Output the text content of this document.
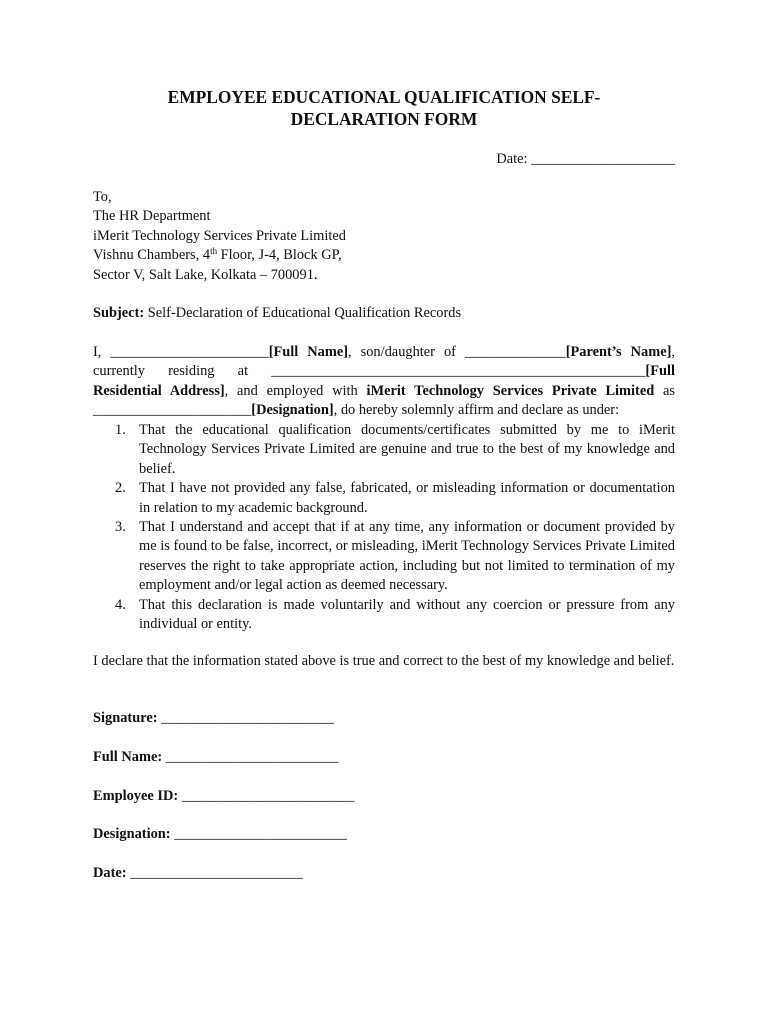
EMPLOYEE EDUCATIONAL QUALIFICATION SELF-
DECLARATION FORM
Date: ____________________
To,
The HR Department
iMerit Technology Services Private Limited
Vishnu Chambers, 4th Floor, J-4, Block GP,
Sector V, Salt Lake, Kolkata – 700091.
Subject: Self-Declaration of Educational Qualification Records
I, ______________________[Full Name], son/daughter of ______________[Parent’s Name], currently residing at ____________________________________________________[Full Residential Address], and employed with iMerit Technology Services Private Limited as ______________________[Designation], do hereby solemnly affirm and declare as under:
1. That the educational qualification documents/certificates submitted by me to iMerit Technology Services Private Limited are genuine and true to the best of my knowledge and belief.
2. That I have not provided any false, fabricated, or misleading information or documentation in relation to my academic background.
3. That I understand and accept that if at any time, any information or document provided by me is found to be false, incorrect, or misleading, iMerit Technology Services Private Limited reserves the right to take appropriate action, including but not limited to termination of my employment and/or legal action as deemed necessary.
4. That this declaration is made voluntarily and without any coercion or pressure from any individual or entity.
I declare that the information stated above is true and correct to the best of my knowledge and belief.
Signature: ________________________
Full Name: ________________________
Employee ID: ________________________
Designation: ________________________
Date: ________________________
